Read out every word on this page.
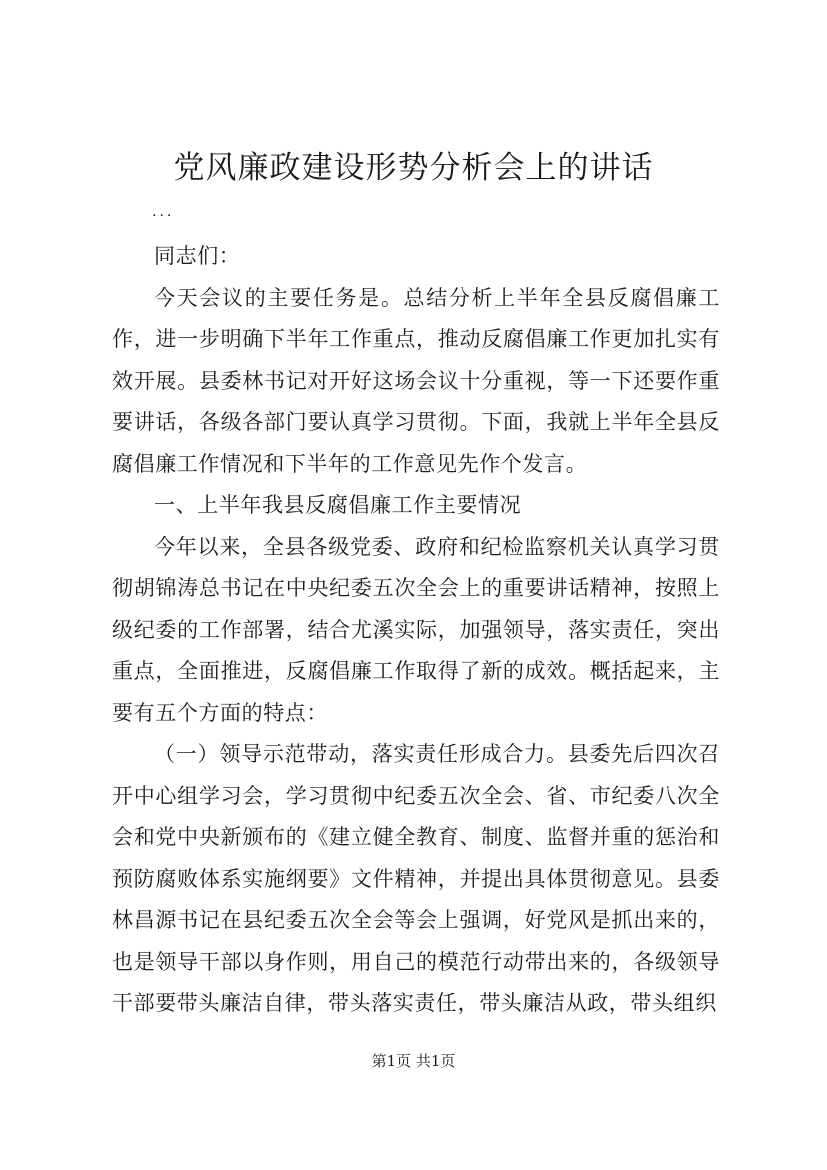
党风廉政建设形势分析会上的讲话

...

同志们：

今天会议的主要任务是。总结分析上半年全县反腐倡廉工作，进一步明确下半年工作重点，推动反腐倡廉工作更加扎实有效开展。县委林书记对开好这场会议十分重视，等一下还要作重要讲话，各级各部门要认真学习贯彻。下面，我就上半年全县反腐倡廉工作情况和下半年的工作意见先作个发言。

一、上半年我县反腐倡廉工作主要情况

今年以来，全县各级党委、政府和纪检监察机关认真学习贯彻胡锦涛总书记在中央纪委五次全会上的重要讲话精神，按照上级纪委的工作部署，结合尤溪实际，加强领导，落实责任，突出重点，全面推进，反腐倡廉工作取得了新的成效。概括起来，主要有五个方面的特点：

（一）领导示范带动，落实责任形成合力。县委先后四次召开中心组学习会，学习贯彻中纪委五次全会、省、市纪委八次全会和党中央新颁布的《建立健全教育、制度、监督并重的惩治和预防腐败体系实施纲要》文件精神，并提出具体贯彻意见。县委林昌源书记在县纪委五次全会等会上强调，好党风是抓出来的，也是领导干部以身作则，用自己的模范行动带出来的，各级领导干部要带头廉洁自律，带头落实责任，带头廉洁从政，带头组织

第1页 共1页
